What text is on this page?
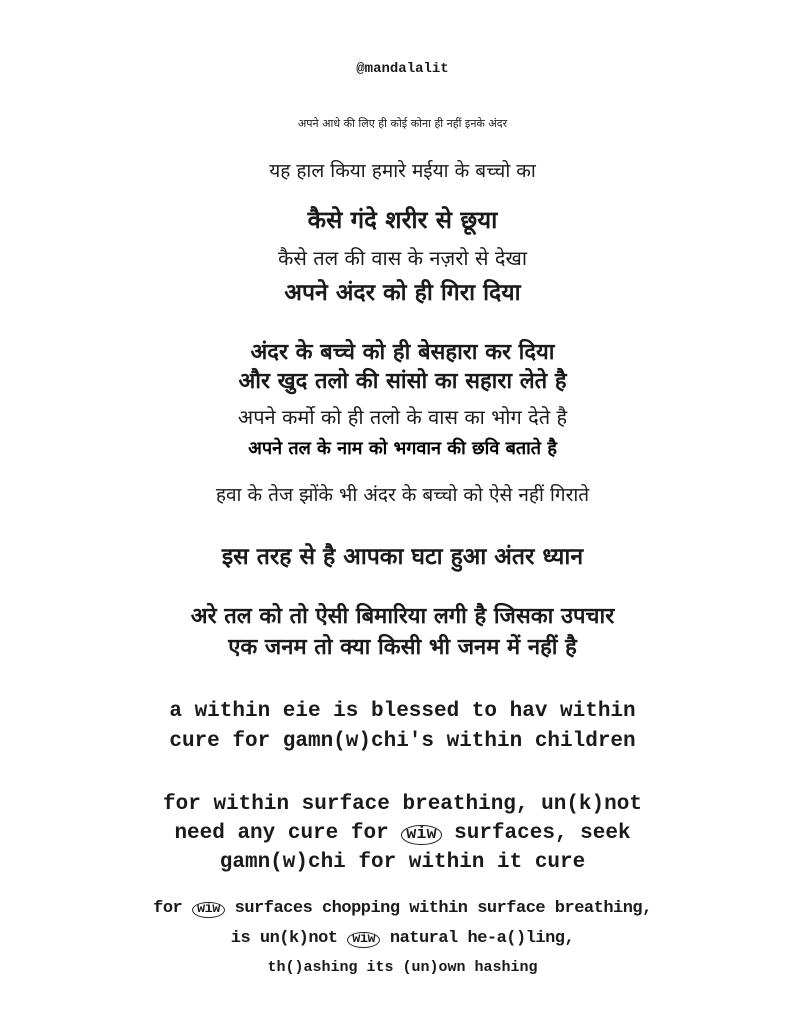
@mandalalit
अपने आधे की लिए ही कोई कोना ही नहीं इनके अंदर
यह हाल किया हमारे मईया के बच्चो का
कैसे गंदे शरीर से छूया
कैसे तल की वास के नज़रो से देखा
अपने अंदर को ही गिरा दिया
अंदर के बच्चे को ही बेसहारा कर दिया
और खुद तलो की सांसो का सहारा लेते है
अपने कर्मो को ही तलो के वास का भोग देते है
अपने तल के नाम को भगवान की छवि बताते है
हवा के तेज झोंके भी अंदर के बच्चो को ऐसे नहीं गिराते
इस तरह से है आपका घटा हुआ अंतर ध्यान
अरे तल को तो ऐसी बिमारिया लगी है जिसका उपचार
एक जनम तो क्या किसी भी जनम में नहीं है
a within eie is blessed to hav within
cure for gamn(w)chi's within children
for within surface breathing, un(k)not
need any cure for wiw surfaces, seek
gamn(w)chi for within it cure
for wiw surfaces chopping within surface breathing,
is un(k)not wiw natural he-a()ling,
th()ashing its (un)own hashing
